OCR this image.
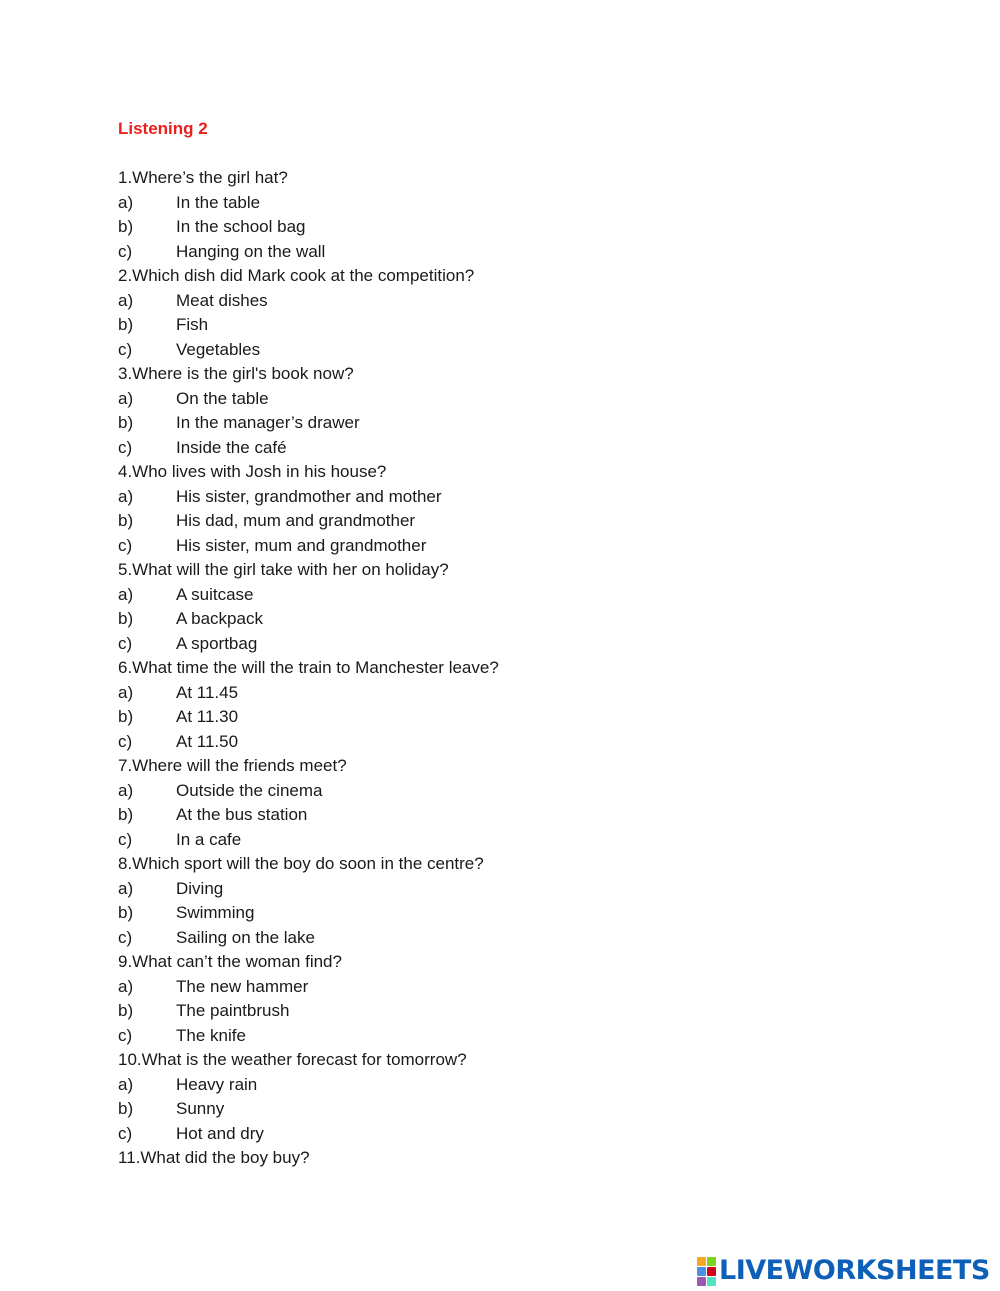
Listening 2
1.Where’s the girl hat?
a)	In the table
b)	In the school bag
c)	Hanging on the wall
2.Which dish did Mark cook at the competition?
a)	Meat dishes
b)	Fish
c)	Vegetables
3.Where is the girl's book now?
a)	On the table
b)	In the manager’s drawer
c)	Inside the café
4.Who lives with Josh in his house?
a)	His sister, grandmother and mother
b)	His dad, mum and grandmother
c)	His sister, mum and grandmother
5.What will the girl take with her on holiday?
a)	A suitcase
b)	A backpack
c)	A sportbag
6.What time the will the train to Manchester leave?
a)	At 11.45
b)	At 11.30
c)	At 11.50
7.Where will the friends meet?
a)	Outside the cinema
b)	At the bus station
c)	In a cafe
8.Which sport will the boy do soon in the centre?
a)	Diving
b)	Swimming
c)	Sailing on the lake
9.What can’t the woman find?
a)	The new hammer
b)	The paintbrush
c)	The knife
10.What is the weather forecast for tomorrow?
a)	Heavy rain
b)	Sunny
c)	Hot and dry
11.What did the boy buy?
LIVEWORKSHEETS
